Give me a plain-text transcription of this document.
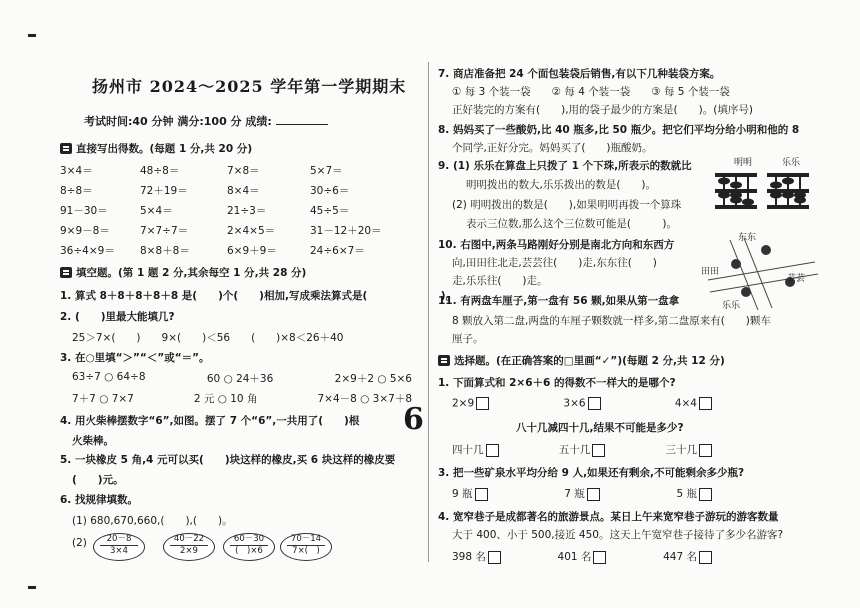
扬州市 2024～2025 学年第一学期期末
考试时间:40 分钟 满分:100 分 成绩:
直接写出得数。(每题 1 分,共 20 分)
3×4＝	48÷8＝	7×8＝	5×7＝
8÷8＝	72＋19＝	8×4＝	30÷6＝
91－30＝	5×4＝	21÷3＝	45÷5＝
9×9－8＝	7×7÷7＝	2×4×5＝	31－12＋20＝
36÷4×9＝ 8×8＋8＝	6×9＋9＝	24÷6×7＝
填空题。(第 1 题 2 分,其余每空 1 分,共 28 分)
1. 算式 8＋8＋8＋8＋8 是(　　)个(　　)相加,写成乘法算式是(　　　　　　　)。
2. (　　)里最大能填几?
25＞7×(　　)　　9×(　　)＜56　　(　　)×8＜26＋40
3. 在○里填“＞”“＜”或“＝”。
63÷7 ○ 64÷8	60 ○ 24＋36	2×9＋2 ○ 5×6
7＋7 ○ 7×7	2 元 ○ 10 角	7×4－8 ○ 3×7＋8
4. 用火柴棒摆数字“6”,如图。摆了 7 个“6”,一共用了(　　)根
火柴棒。
6
5. 一块橡皮 5 角,4 元可以买(　　)块这样的橡皮,买 6 块这样的橡皮要
(　　)元。
6. 找规律填数。
(1) 680,670,660,(　　),(　　)。
(2)	20－8
3×4
40－22
2×9
60－30
(　)×6
70－14
7×(　)
7. 商店准备把 24 个面包装袋后销售,有以下几种装袋方案。
① 每 3 个装一袋　　② 每 4 个装一袋　　③ 每 5 个装一袋
正好装完的方案有(　　),用的袋子最少的方案是(　　)。(填序号)
8. 妈妈买了一些酸奶,比 40 瓶多,比 50 瓶少。把它们平均分给小明和他的 8
个同学,正好分完。妈妈买了(　　)瓶酸奶。
9. (1) 乐乐在算盘上只拨了 1 个下珠,所表示的数就比
明明拨出的数大,乐乐拨出的数是(　　)。
(2) 明明拨出的数是(　　),如果明明再拨一个算珠
表示三位数,那么这个三位数可能是(　　　)。
明明	乐乐
10. 右图中,两条马路刚好分别是南北方向和东西方
向,田田往北走,芸芸往(　　)走,东东往(　　)
走,乐乐往(　　)走。
东东
田田
芸芸
乐乐
11. 有两盘车厘子,第一盘有 56 颗,如果从第一盘拿
8 颗放入第二盘,两盘的车厘子颗数就一样多,第二盘原来有(　　)颗车
厘子。
选择题。(在正确答案的□里画“✓”)(每题 2 分,共 12 分)
1. 下面算式和 2×6＋6 的得数不一样大的是哪个?
2×9	3×6	4×4
八十几减四十几,结果不可能是多少?
四十几	五十几	三十几
3. 把一些矿泉水平均分给 9 人,如果还有剩余,不可能剩余多少瓶?
9 瓶	7 瓶	5 瓶
4. 宽窄巷子是成都著名的旅游景点。某日上午来宽窄巷子游玩的游客数量
大于 400、小于 500,接近 450。这天上午宽窄巷子接待了多少名游客?
398 名	401 名	447 名
